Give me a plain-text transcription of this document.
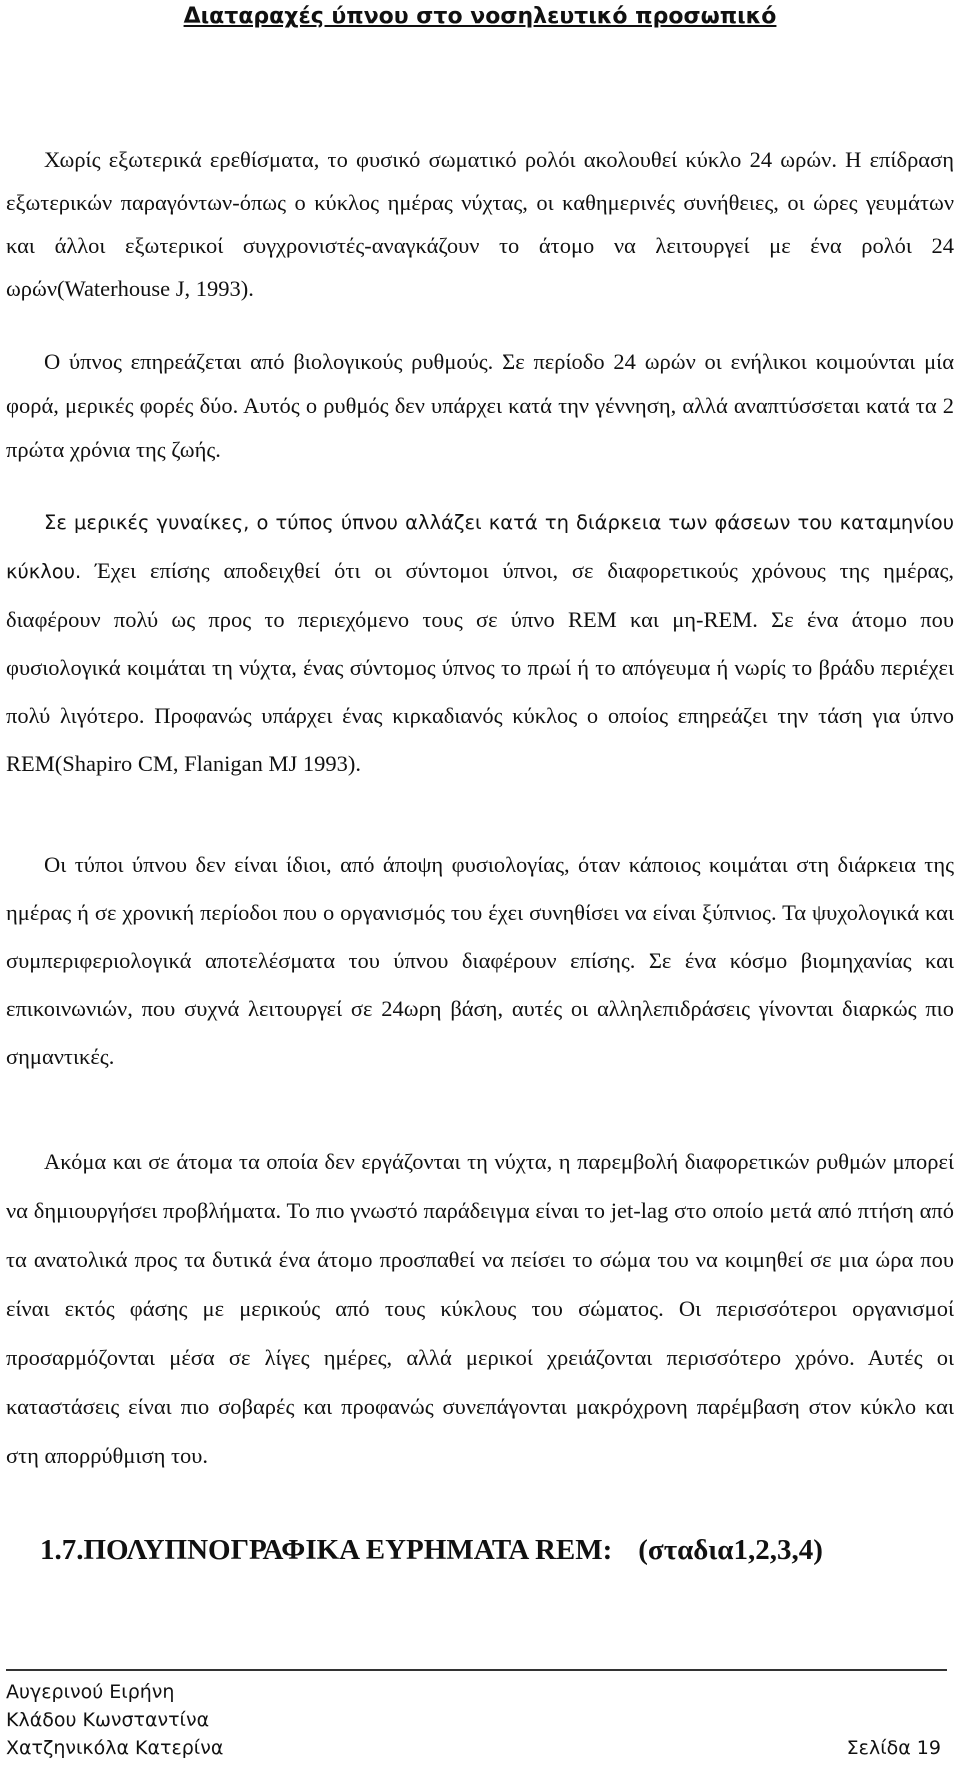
Διαταραχές ύπνου στο νοσηλευτικό προσωπικό

Χωρίς εξωτερικά ερεθίσματα, το φυσικό σωματικό ρολόι ακολουθεί κύκλο 24 ωρών. Η επίδραση εξωτερικών παραγόντων-όπως ο κύκλος ημέρας νύχτας, οι καθημερινές συνήθειες, οι ώρες γευμάτων και άλλοι εξωτερικοί συγχρονιστές-αναγκάζουν το άτομο να λειτουργεί με ένα ρολόι 24 ωρών(Waterhouse J, 1993).

Ο ύπνος επηρεάζεται από βιολογικούς ρυθμούς. Σε περίοδο 24 ωρών οι ενήλικοι κοιμούνται μία φορά, μερικές φορές δύο. Αυτός ο ρυθμός δεν υπάρχει κατά την γέννηση, αλλά αναπτύσσεται κατά τα 2 πρώτα χρόνια της ζωής.

Σε μερικές γυναίκες, ο τύπος ύπνου αλλάζει κατά τη διάρκεια των φάσεων του καταμηνίου κύκλου. Έχει επίσης αποδειχθεί ότι οι σύντομοι ύπνοι, σε διαφορετικούς χρόνους της ημέρας, διαφέρουν πολύ ως προς το περιεχόμενο τους σε ύπνο REM και μη-REM. Σε ένα άτομο που φυσιολογικά κοιμάται τη νύχτα, ένας σύντομος ύπνος το πρωί ή το απόγευμα ή νωρίς το βράδυ περιέχει πολύ λιγότερο. Προφανώς υπάρχει ένας κιρκαδιανός κύκλος ο οποίος επηρεάζει την τάση για ύπνο REM(Shapiro CM, Flanigan MJ 1993).

Οι τύποι ύπνου δεν είναι ίδιοι, από άποψη φυσιολογίας, όταν κάποιος κοιμάται στη διάρκεια της ημέρας ή σε χρονική περίοδοι που ο οργανισμός του έχει συνηθίσει να είναι ξύπνιος. Τα ψυχολογικά και συμπεριφεριολογικά αποτελέσματα του ύπνου διαφέρουν επίσης. Σε ένα κόσμο βιομηχανίας και επικοινωνιών, που συχνά λειτουργεί σε 24ωρη βάση, αυτές οι αλληλεπιδράσεις γίνονται διαρκώς πιο σημαντικές.

Ακόμα και σε άτομα τα οποία δεν εργάζονται τη νύχτα, η παρεμβολή διαφορετικών ρυθμών μπορεί να δημιουργήσει προβλήματα. Το πιο γνωστό παράδειγμα είναι το jet-lag στο οποίο μετά από πτήση από τα ανατολικά προς τα δυτικά ένα άτομο προσπαθεί να πείσει το σώμα του να κοιμηθεί σε μια ώρα που είναι εκτός φάσης με μερικούς από τους κύκλους του σώματος. Οι περισσότεροι οργανισμοί προσαρμόζονται μέσα σε λίγες ημέρες, αλλά μερικοί χρειάζονται περισσότερο χρόνο. Αυτές οι καταστάσεις είναι πιο σοβαρές και προφανώς συνεπάγονται μακρόχρονη παρέμβαση στον κύκλο και στη απορρύθμιση του.

1.7.ΠΟΛΥΠΝΟΓΡΑΦΙΚΑ ΕΥΡΗΜΑΤΑ REM: (σταδια1,2,3,4)
Αυγερινού Ειρήνη
Κλάδου Κωνσταντίνα
Χατζηνικόλα Κατερίνα	Σελίδα 19
